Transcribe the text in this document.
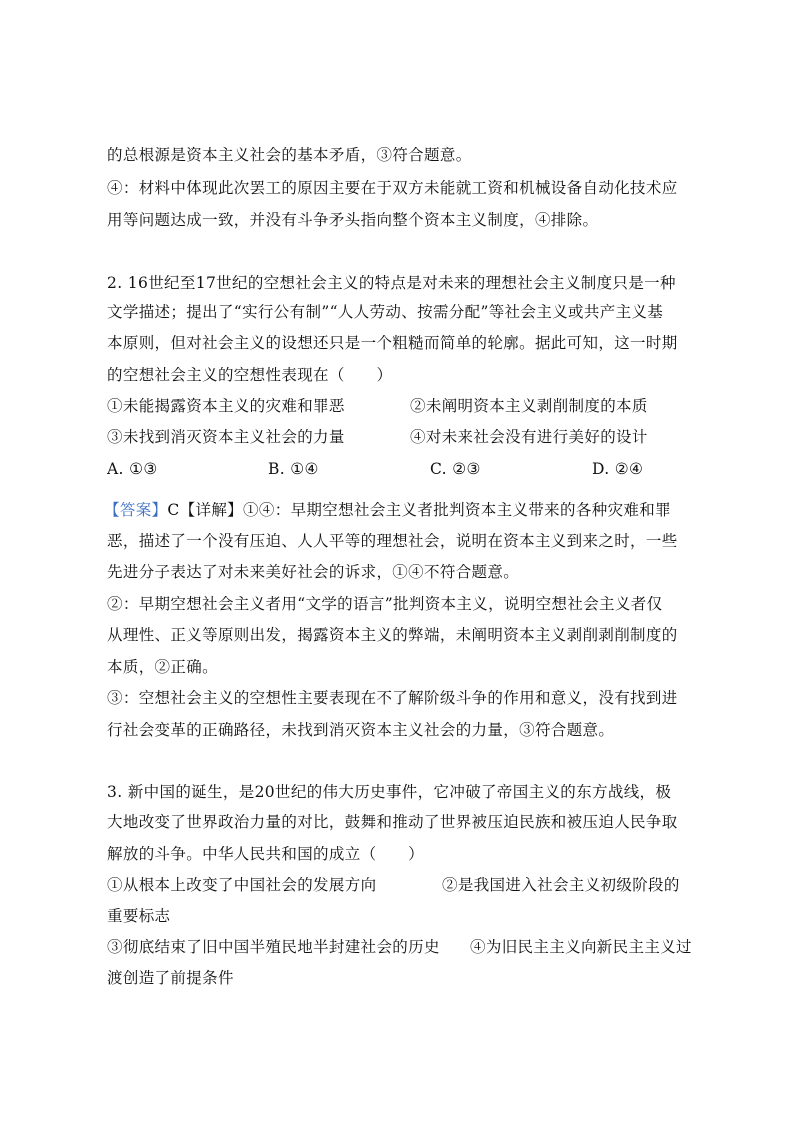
的总根源是资本主义社会的基本矛盾，③符合题意。
④：材料中体现此次罢工的原因主要在于双方未能就工资和机械设备自动化技术应
用等问题达成一致，并没有斗争矛头指向整个资本主义制度，④排除。
2. 16世纪至17世纪的空想社会主义的特点是对未来的理想社会主义制度只是一种
文学描述；提出了“实行公有制”“人人劳动、按需分配”等社会主义或共产主义基
本原则，但对社会主义的设想还只是一个粗糙而简单的轮廓。据此可知，这一时期
的空想社会主义的空想性表现在（　　）
①未能揭露资本主义的灾难和罪恶	②未阐明资本主义剥削制度的本质
③未找到消灭资本主义社会的力量	④对未来社会没有进行美好的设计
A. ①③	B. ①④	C. ②③	D. ②④
【答案】C【详解】①④：早期空想社会主义者批判资本主义带来的各种灾难和罪
恶，描述了一个没有压迫、人人平等的理想社会，说明在资本主义到来之时，一些
先进分子表达了对未来美好社会的诉求，①④不符合题意。
②：早期空想社会主义者用“文学的语言”批判资本主义，说明空想社会主义者仅
从理性、正义等原则出发，揭露资本主义的弊端，未阐明资本主义剥削剥削制度的
本质，②正确。
③：空想社会主义的空想性主要表现在不了解阶级斗争的作用和意义，没有找到进
行社会变革的正确路径，未找到消灭资本主义社会的力量，③符合题意。
3. 新中国的诞生，是20世纪的伟大历史事件，它冲破了帝国主义的东方战线，极
大地改变了世界政治力量的对比，鼓舞和推动了世界被压迫民族和被压迫人民争取
解放的斗争。中华人民共和国的成立（　　）
①从根本上改变了中国社会的发展方向	②是我国进入社会主义初级阶段的
重要标志
③彻底结束了旧中国半殖民地半封建社会的历史 ④为旧民主主义向新民主主义过
渡创造了前提条件
